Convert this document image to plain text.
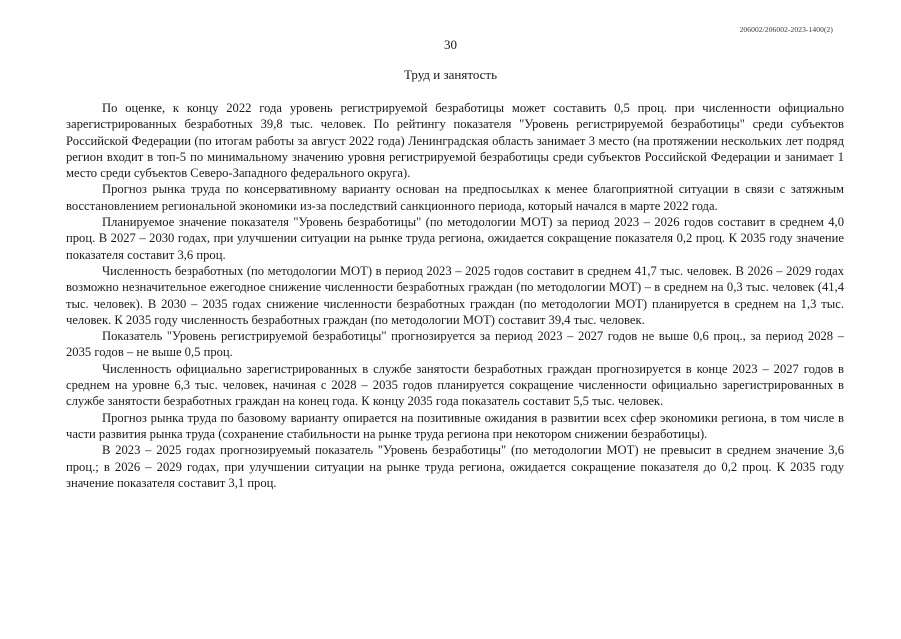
206002/206002-2023-1400(2)
30
Труд и занятость

По оценке, к концу 2022 года уровень регистрируемой безработицы может составить 0,5 проц. при численности официально зарегистрированных безработных 39,8 тыс. человек. По рейтингу показателя "Уровень регистрируемой безработицы" среди субъектов Российской Федерации (по итогам работы за август 2022 года) Ленинградская область занимает 3 место (на протяжении нескольких лет подряд регион входит в топ-5 по минимальному значению уровня регистрируемой безработицы среди субъектов Российской Федерации и занимает 1 место среди субъектов Северо-Западного федерального округа).

Прогноз рынка труда по консервативному варианту основан на предпосылках к менее благоприятной ситуации в связи с затяжным восстановлением региональной экономики из-за последствий санкционного периода, который начался в марте 2022 года.

Планируемое значение показателя "Уровень безработицы" (по методологии МОТ) за период 2023 – 2026 годов составит в среднем 4,0 проц. В 2027 – 2030 годах, при улучшении ситуации на рынке труда региона, ожидается сокращение показателя 0,2 проц. К 2035 году значение показателя составит 3,6 проц.

Численность безработных (по методологии МОТ) в период 2023 – 2025 годов составит в среднем 41,7 тыс. человек. В 2026 – 2029 годах возможно незначительное ежегодное снижение численности безработных граждан (по методологии МОТ) – в среднем на 0,3 тыс. человек (41,4 тыс. человек). В 2030 – 2035 годах снижение численности безработных граждан (по методологии МОТ) планируется в среднем на 1,3 тыс. человек. К 2035 году численность безработных граждан (по методологии МОТ) составит 39,4 тыс. человек.

Показатель "Уровень регистрируемой безработицы" прогнозируется за период 2023 – 2027 годов не выше 0,6 проц., за период 2028 – 2035 годов – не выше 0,5 проц.

Численность официально зарегистрированных в службе занятости безработных граждан прогнозируется в конце 2023 – 2027 годов в среднем на уровне 6,3 тыс. человек, начиная с 2028 – 2035 годов планируется сокращение численности официально зарегистрированных в службе занятости безработных граждан на конец года. К концу 2035 года показатель составит 5,5 тыс. человек.

Прогноз рынка труда по базовому варианту опирается на позитивные ожидания в развитии всех сфер экономики региона, в том числе в части развития рынка труда (сохранение стабильности на рынке труда региона при некотором снижении безработицы).

В 2023 – 2025 годах прогнозируемый показатель "Уровень безработицы" (по методологии МОТ) не превысит в среднем значение 3,6 проц.; в 2026 – 2029 годах, при улучшении ситуации на рынке труда региона, ожидается сокращение показателя до 0,2 проц. К 2035 году значение показателя составит 3,1 проц.
